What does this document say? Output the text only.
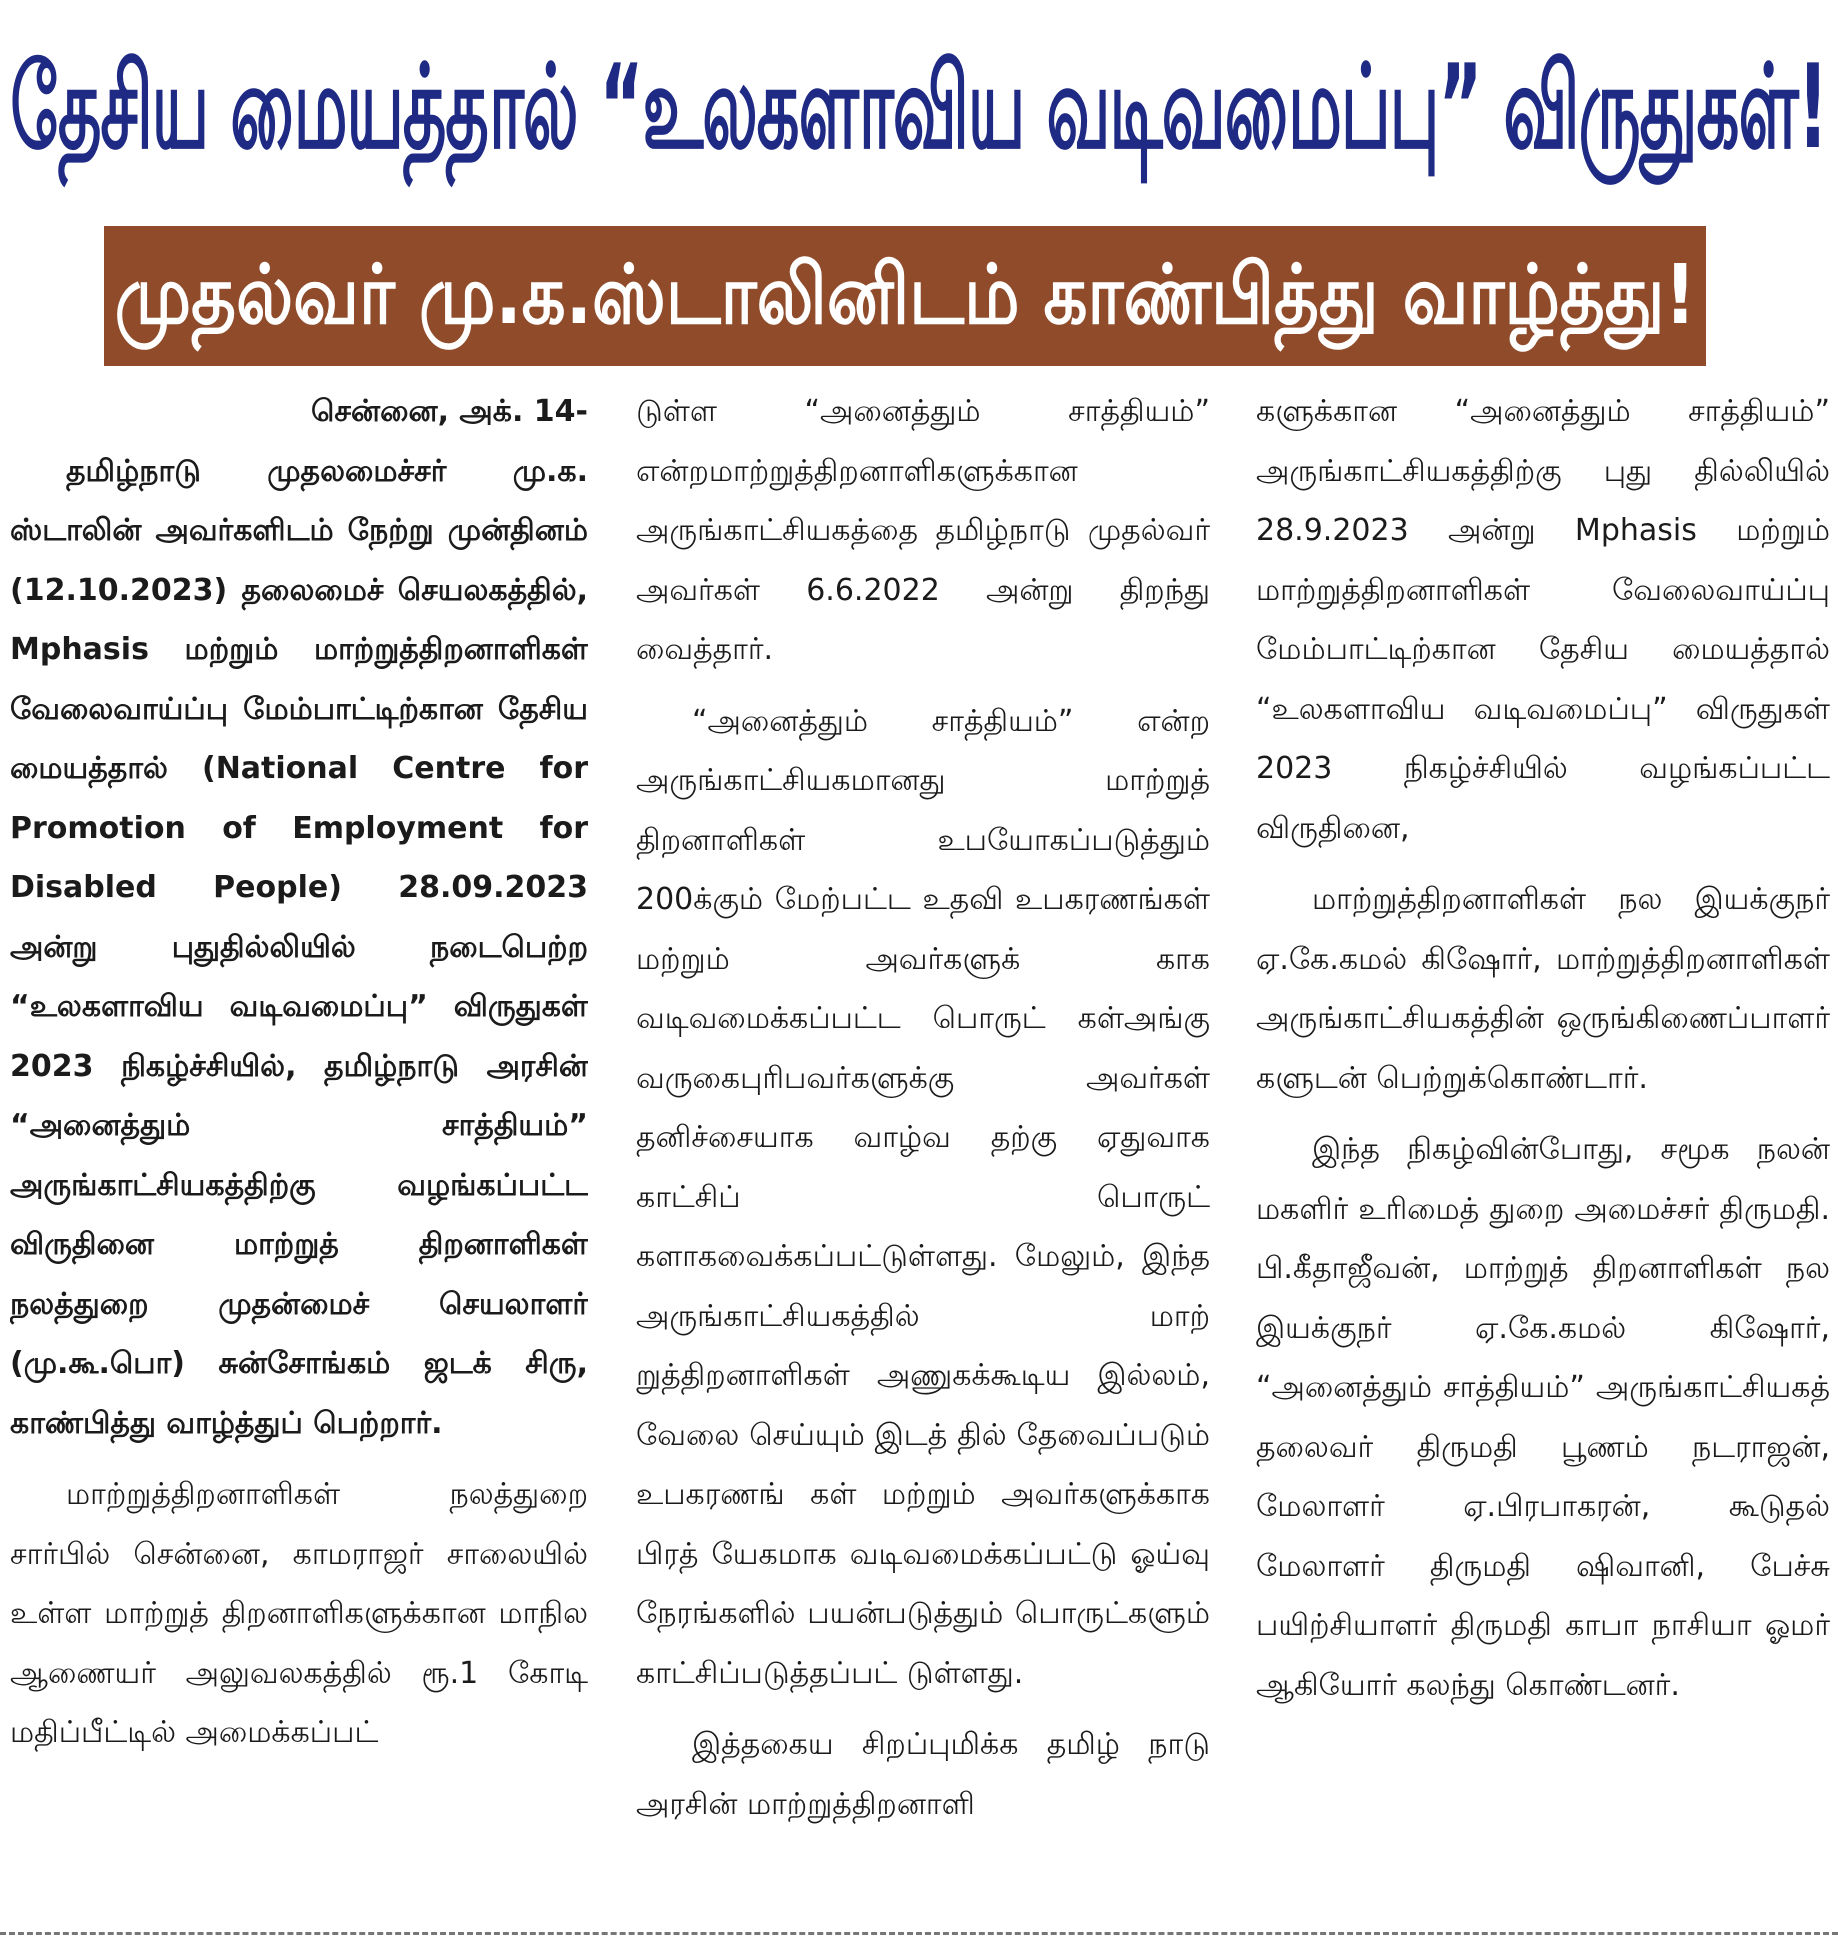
தேசிய மையத்தால் “உலகளாவிய வடிவமைப்பு” விருதுகள்!
முதல்வர் மு.க.ஸ்டாலினிடம் காண்பித்து வாழ்த்து!

சென்னை, அக். 14-

தமிழ்நாடு முதலமைச்சர் மு.க. ஸ்டாலின் அவர்களிடம் நேற்று முன்தினம் (12.10.2023) தலைமைச் செயலகத்தில், Mphasis மற்றும் மாற்றுத்திறனாளிகள் வேலைவாய்ப்பு மேம்பாட்டிற்கான தேசிய மையத்தால் (National Centre for Promotion of Employment for Disabled People) 28.09.2023 அன்று புதுதில்லியில் நடைபெற்ற “உலகளாவிய வடிவமைப்பு” விருதுகள் 2023 நிகழ்ச்சியில், தமிழ்நாடு அரசின் “அனைத்தும் சாத்தியம்” அருங்காட்சியகத்திற்கு வழங்கப்பட்ட விருதினை மாற்றுத் திறனாளிகள் நலத்துறை முதன்மைச் செயலாளர் (மு.கூ.பொ) சுன்சோங்கம் ஜடக் சிரு, காண்பித்து வாழ்த்துப் பெற்றார்.

மாற்றுத்திறனாளிகள் நலத்துறை சார்பில் சென்னை, காமராஜர் சாலையில் உள்ள மாற்றுத் திறனாளிகளுக்கான மாநில ஆணையர் அலுவலகத்தில் ரூ.1 கோடி மதிப்பீட்டில் அமைக்கப்பட்

டுள்ள “அனைத்தும் சாத்தியம்” என்றமாற்றுத்திறனாளிகளுக்கான அருங்காட்சியகத்தை தமிழ்நாடு முதல்வர் அவர்கள் 6.6.2022 அன்று திறந்து வைத்தார்.

“அனைத்தும் சாத்தியம்” என்ற அருங்காட்சியகமானது மாற்றுத் திறனாளிகள் உபயோகப்படுத்தும் 200க்கும் மேற்பட்ட உதவி உபகரணங்கள் மற்றும் அவர்களுக் காக வடிவமைக்கப்பட்ட பொருட் கள்அங்கு வருகைபுரிபவர்களுக்கு அவர்கள் தனிச்சையாக வாழ்வ தற்கு ஏதுவாக காட்சிப் பொருட் களாகவைக்கப்பட்டுள்ளது. மேலும், இந்த அருங்காட்சியகத்தில் மாற் றுத்திறனாளிகள் அணுகக்கூடிய இல்லம், வேலை செய்யும் இடத் தில் தேவைப்படும் உபகரணங் கள் மற்றும் அவர்களுக்காக பிரத் யேகமாக வடிவமைக்கப்பட்டு ஓய்வு நேரங்களில் பயன்படுத்தும் பொருட்களும் காட்சிப்படுத்தப்பட் டுள்ளது.

இத்தகைய சிறப்புமிக்க தமிழ் நாடு அரசின் மாற்றுத்திறனாளி

களுக்கான “அனைத்தும் சாத்தியம்” அருங்காட்சியகத்திற்கு புது தில்லியில் 28.9.2023 அன்று Mphasis மற்றும் மாற்றுத்திறனாளிகள் வேலைவாய்ப்பு மேம்பாட்டிற்கான தேசிய மையத்தால் “உலகளாவிய வடிவமைப்பு” விருதுகள் 2023 நிகழ்ச்சியில் வழங்கப்பட்ட விருதினை,

மாற்றுத்திறனாளிகள் நல இயக்குநர் ஏ.கே.கமல் கிஷோர், மாற்றுத்திறனாளிகள் அருங்காட்சியகத்தின் ஒருங்கிணைப்பாளர் களுடன் பெற்றுக்கொண்டார்.

இந்த நிகழ்வின்போது, சமூக நலன் மகளிர் உரிமைத் துறை அமைச்சர் திருமதி. பி.கீதாஜீவன், மாற்றுத் திறனாளிகள் நல இயக்குநர் ஏ.கே.கமல் கிஷோர், “அனைத்தும் சாத்தியம்” அருங்காட்சியகத் தலைவர் திருமதி பூணம் நடராஜன், மேலாளர் ஏ.பிரபாகரன், கூடுதல் மேலாளர் திருமதி ஷிவானி, பேச்சு பயிற்சியாளர் திருமதி காபா நாசியா ஓமர் ஆகியோர் கலந்து கொண்டனர்.
